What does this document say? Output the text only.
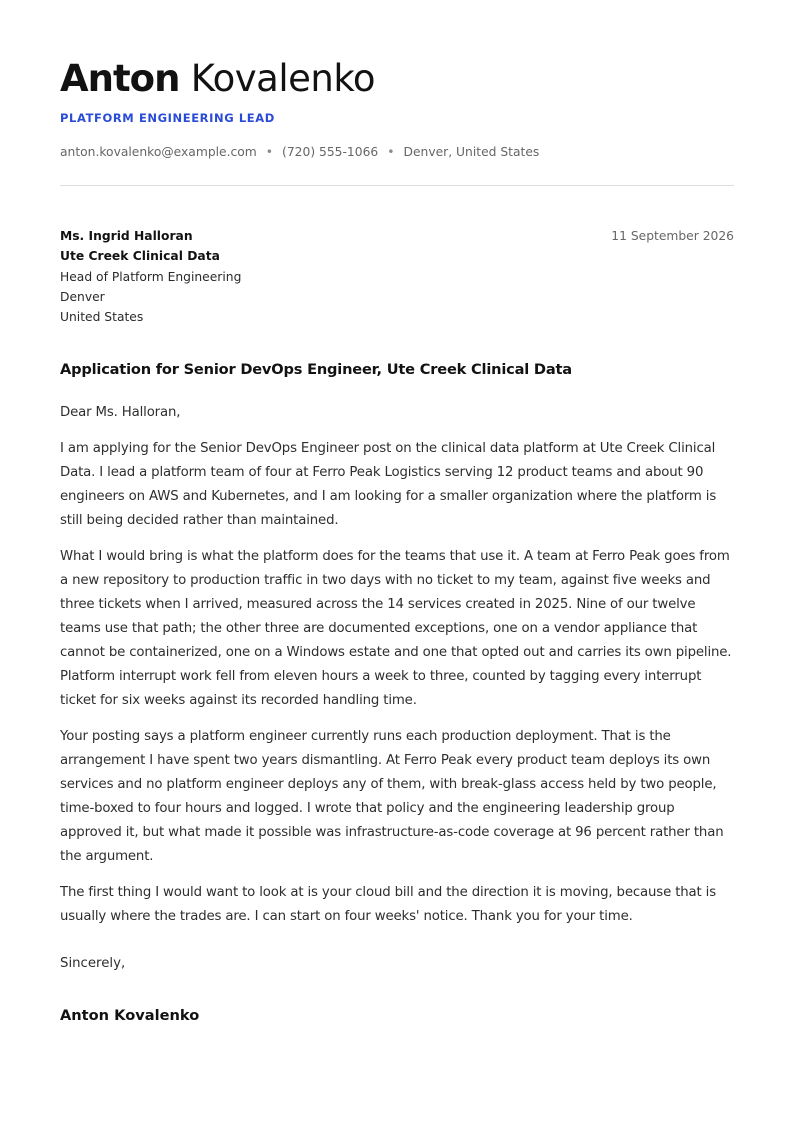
Anton Kovalenko
PLATFORM ENGINEERING LEAD
anton.kovalenko@example.com • (720) 555-1066 • Denver, United States
Ms. Ingrid Halloran
Ute Creek Clinical Data
Head of Platform Engineering
Denver
United States
11 September 2026
Application for Senior DevOps Engineer, Ute Creek Clinical Data

Dear Ms. Halloran,

I am applying for the Senior DevOps Engineer post on the clinical data platform at Ute Creek Clinical Data. I lead a platform team of four at Ferro Peak Logistics serving 12 product teams and about 90 engineers on AWS and Kubernetes, and I am looking for a smaller organization where the platform is still being decided rather than maintained.

What I would bring is what the platform does for the teams that use it. A team at Ferro Peak goes from a new repository to production traffic in two days with no ticket to my team, against five weeks and three tickets when I arrived, measured across the 14 services created in 2025. Nine of our twelve teams use that path; the other three are documented exceptions, one on a vendor appliance that cannot be containerized, one on a Windows estate and one that opted out and carries its own pipeline. Platform interrupt work fell from eleven hours a week to three, counted by tagging every interrupt ticket for six weeks against its recorded handling time.

Your posting says a platform engineer currently runs each production deployment. That is the arrangement I have spent two years dismantling. At Ferro Peak every product team deploys its own services and no platform engineer deploys any of them, with break-glass access held by two people, time-boxed to four hours and logged. I wrote that policy and the engineering leadership group approved it, but what made it possible was infrastructure-as-code coverage at 96 percent rather than the argument.

The first thing I would want to look at is your cloud bill and the direction it is moving, because that is usually where the trades are. I can start on four weeks' notice. Thank you for your time.

Sincerely,
Anton Kovalenko
